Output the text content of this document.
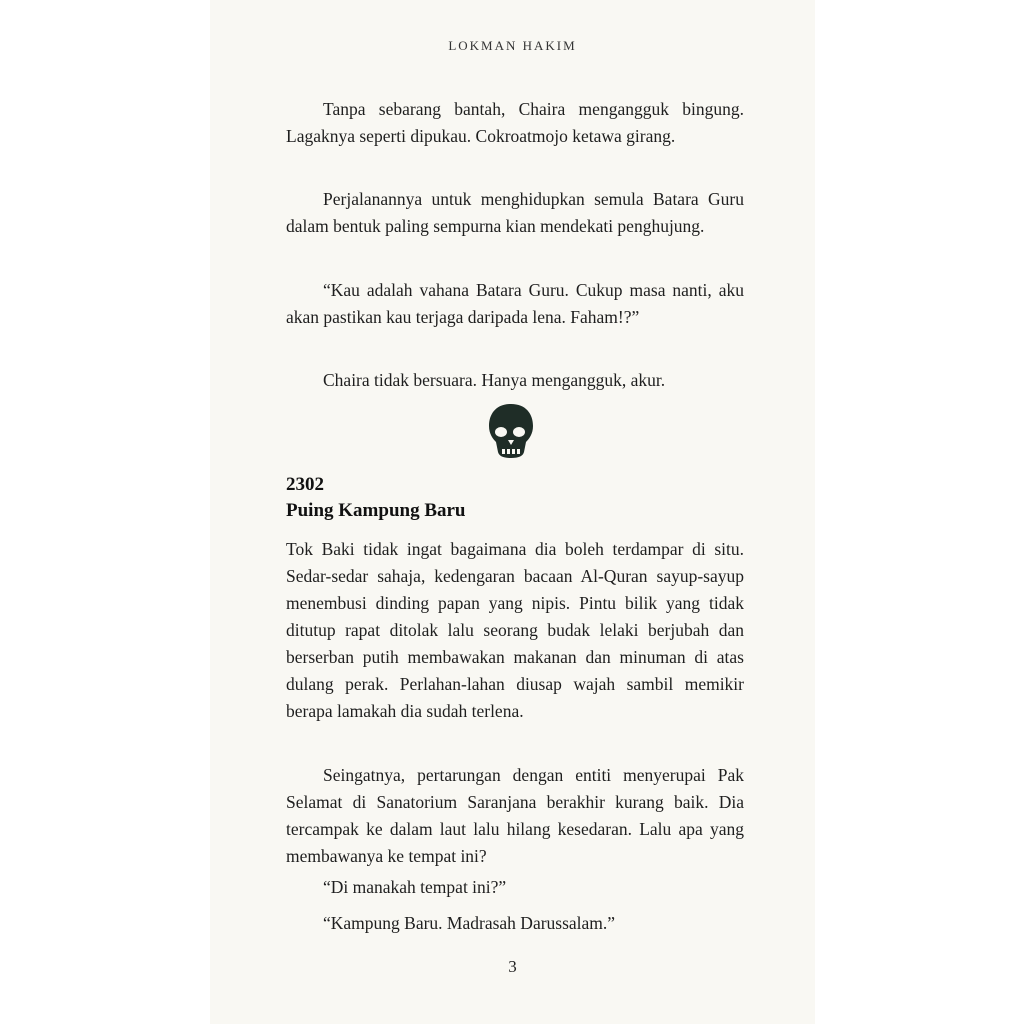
LOKMAN HAKIM

Tanpa sebarang bantah, Chaira mengangguk bingung. Lagaknya seperti dipukau. Cokroatmojo ketawa girang.

Perjalanannya untuk menghidupkan semula Batara Guru dalam bentuk paling sempurna kian mendekati penghujung.

“Kau adalah vahana Batara Guru. Cukup masa nanti, aku akan pastikan kau terjaga daripada lena. Faham!?”

Chaira tidak bersuara. Hanya mengangguk, akur.

2302
Puing Kampung Baru

Tok Baki tidak ingat bagaimana dia boleh terdampar di situ. Sedar-sedar sahaja, kedengaran bacaan Al-Quran sayup-sayup menembusi dinding papan yang nipis. Pintu bilik yang tidak ditutup rapat ditolak lalu seorang budak lelaki berjubah dan berserban putih membawakan makanan dan minuman di atas dulang perak. Perlahan-lahan diusap wajah sambil memikir berapa lamakah dia sudah terlena.

Seingatnya, pertarungan dengan entiti menyerupai Pak Selamat di Sanatorium Saranjana berakhir kurang baik. Dia tercampak ke dalam laut lalu hilang kesedaran. Lalu apa yang membawanya ke tempat ini?

“Di manakah tempat ini?”

“Kampung Baru. Madrasah Darussalam.”

3
